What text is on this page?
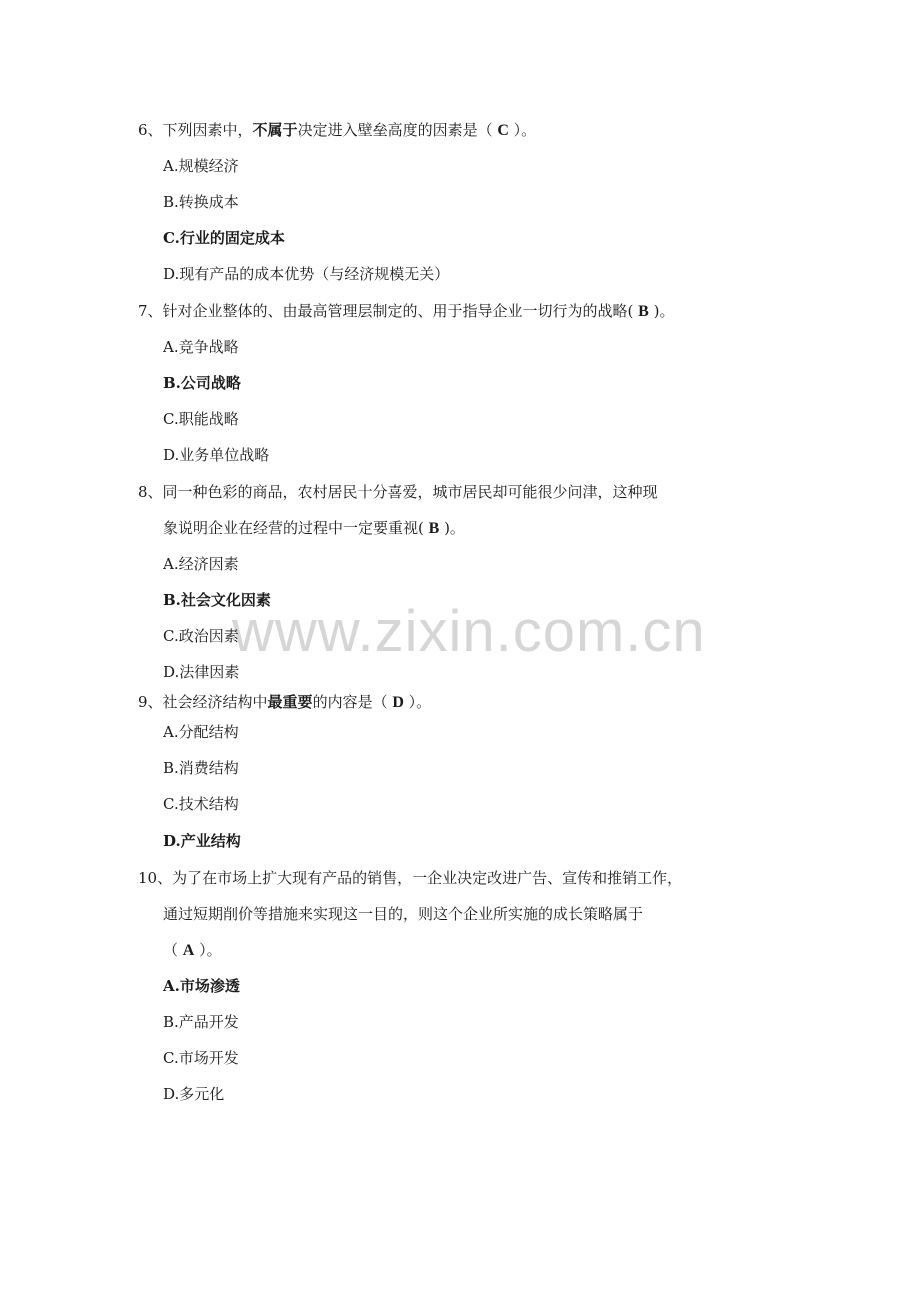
www.zixin.com.cn
6、下列因素中，不属于决定进入壁垒高度的因素是（ C ）。
A.规模经济
B.转换成本
C.行业的固定成本
D.现有产品的成本优势（与经济规模无关）
7、针对企业整体的、由最高管理层制定的、用于指导企业一切行为的战略( B )。
A.竞争战略
B.公司战略
C.职能战略
D.业务单位战略
8、同一种色彩的商品，农村居民十分喜爱，城市居民却可能很少问津，这种现
象说明企业在经营的过程中一定要重视( B )。
A.经济因素
B.社会文化因素
C.政治因素
D.法律因素
9、社会经济结构中最重要的内容是（ D ）。
A.分配结构
B.消费结构
C.技术结构
D.产业结构
10、为了在市场上扩大现有产品的销售，一企业决定改进广告、宣传和推销工作，
通过短期削价等措施来实现这一目的，则这个企业所实施的成长策略属于
（ A ）。
A.市场渗透
B.产品开发
C.市场开发
D.多元化
